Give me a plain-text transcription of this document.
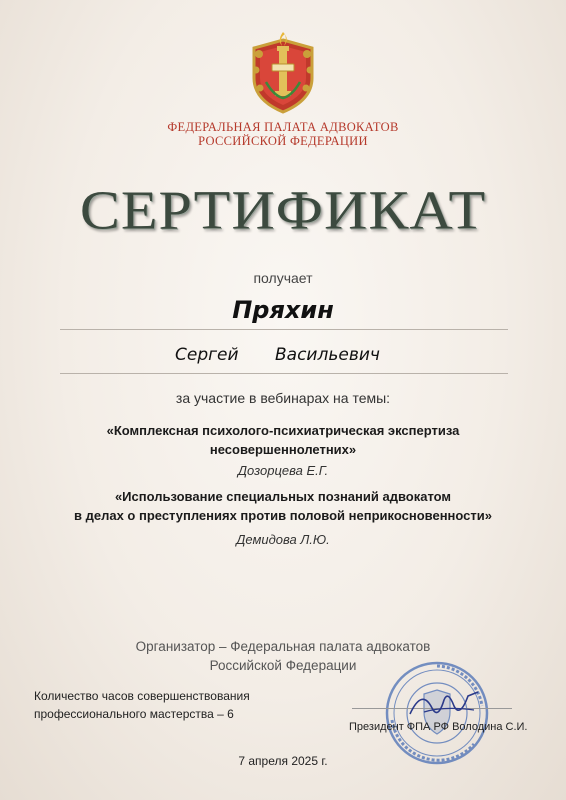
ФЕДЕРАЛЬНАЯ ПАЛАТА АДВОКАТОВ
РОССИЙСКОЙ ФЕДЕРАЦИИ
СЕРТИФИКАТ
получает
Пряхин
Сергей Васильевич
за участие в вебинарах на темы:
«Комплексная психолого-психиатрическая экспертиза
несовершеннолетних»
Дозорцева Е.Г.
«Использование специальных познаний адвокатом
в делах о преступлениях против половой неприкосновенности»
Демидова Л.Ю.
Организатор – Федеральная палата адвокатов
Российской Федерации
Количество часов совершенствования
профессионального мастерства – 6
Президент ФПА РФ Володина С.И.
7 апреля 2025 г.
